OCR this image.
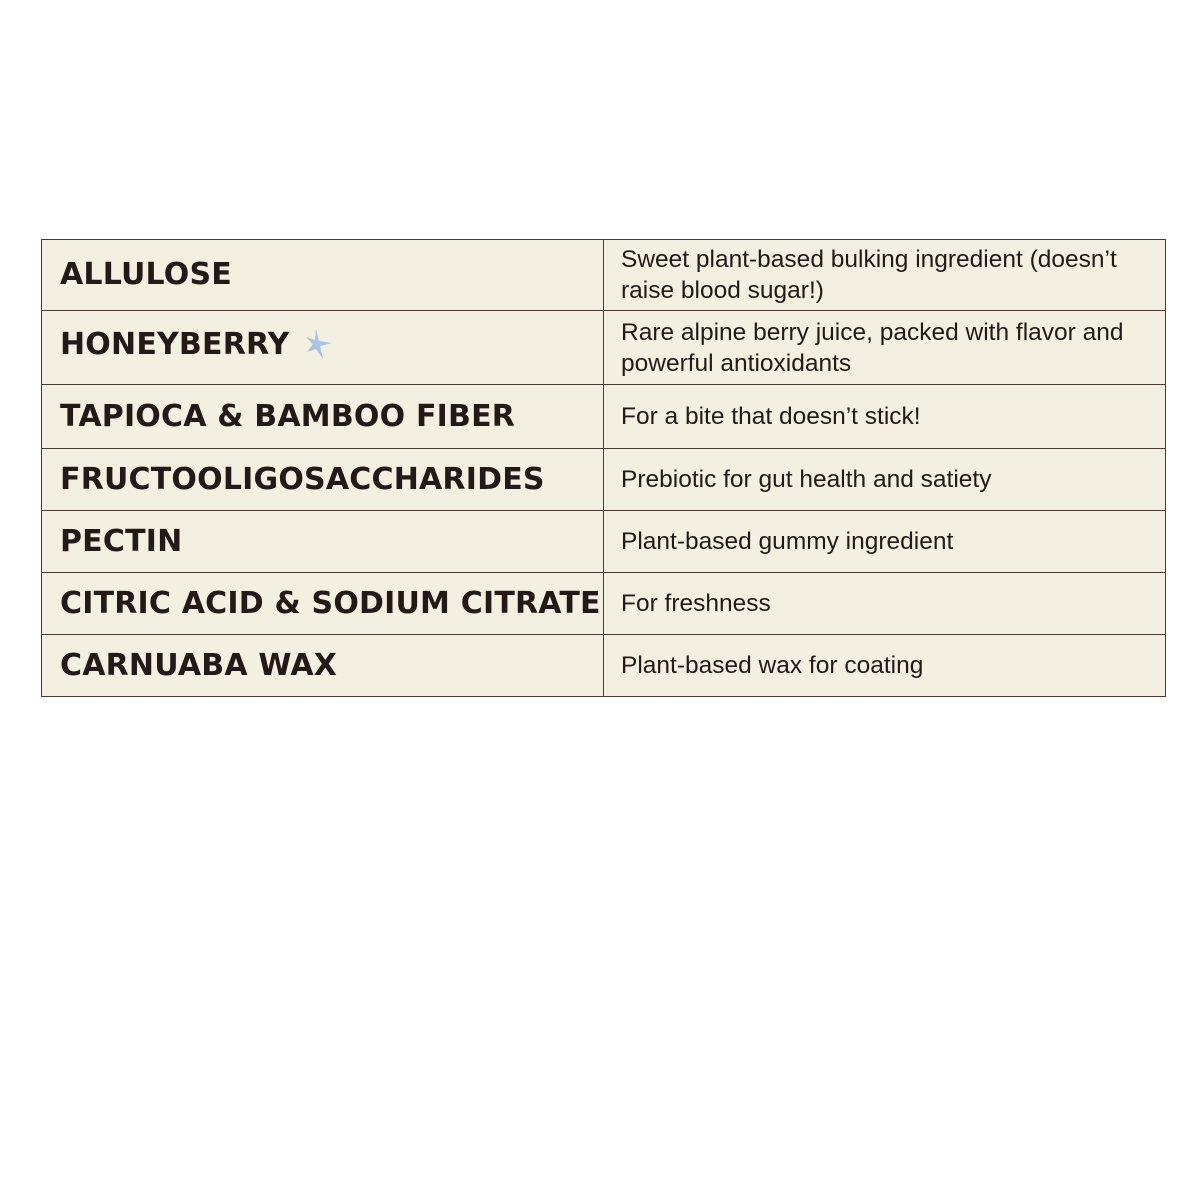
ALLULOSE	Sweet plant-based bulking ingredient (doesn’t raise blood sugar!)
HONEYBERRY	Rare alpine berry juice, packed with flavor and powerful antioxidants
TAPIOCA & BAMBOO FIBER	For a bite that doesn’t stick!
FRUCTOOLIGOSACCHARIDES	Prebiotic for gut health and satiety
PECTIN	Plant-based gummy ingredient
CITRIC ACID & SODIUM CITRATE	For freshness
CARNUABA WAX	Plant-based wax for coating
